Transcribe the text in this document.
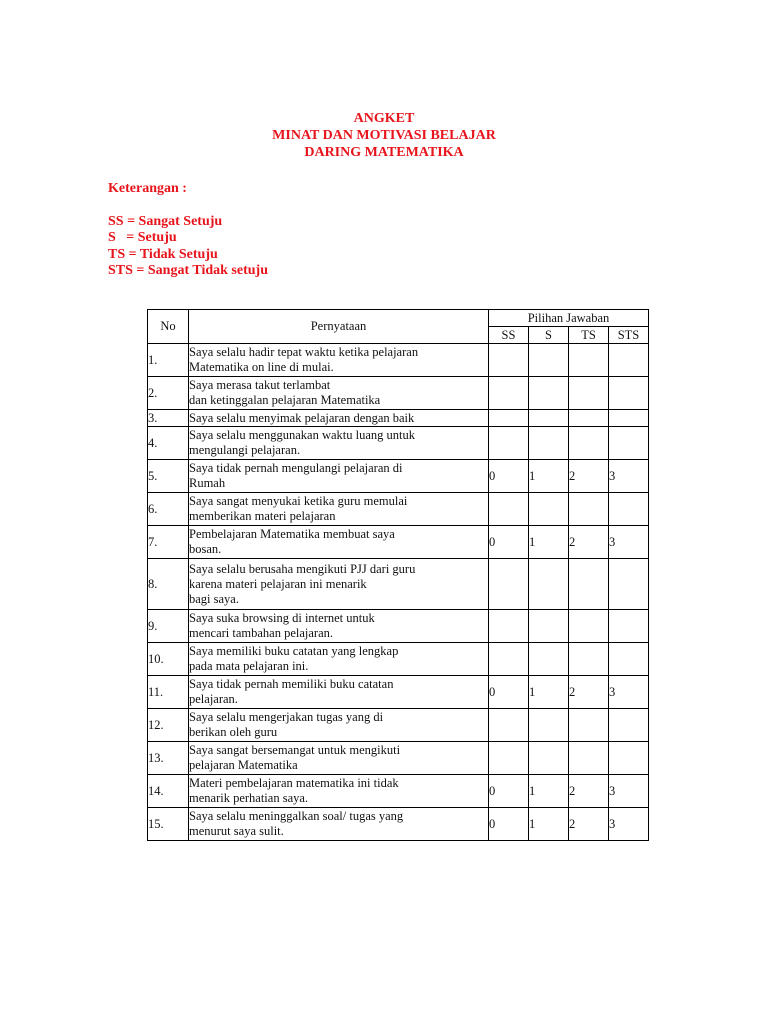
ANGKET
MINAT DAN MOTIVASI BELAJAR
DARING MATEMATIKA
Keterangan :
SS = Sangat Setuju
S   = Setuju
TS = Tidak Setuju
STS = Sangat Tidak setuju
No	Pernyataan	Pilihan Jawaban			
		SS	S	TS	STS
1.	Saya selalu hadir tepat waktu ketika pelajaran
Matematika on line di mulai.				

2.	Saya merasa takut terlambat
dan ketinggalan pelajaran Matematika				

3.	Saya selalu menyimak pelajaran dengan baik				

4.	Saya selalu menggunakan waktu luang untuk
mengulangi pelajaran.				

5.	Saya tidak pernah mengulangi pelajaran di
Rumah	0	1	2	3
6.	Saya sangat menyukai ketika guru memulai
memberikan materi pelajaran				

7.	Pembelajaran Matematika membuat saya
bosan.	0	1	2	3
8.	Saya selalu berusaha mengikuti PJJ dari guru
karena materi pelajaran ini menarik
bagi saya.				

9.	Saya suka browsing di internet untuk
mencari tambahan pelajaran.				

10.	Saya memiliki buku catatan yang lengkap
pada mata pelajaran ini.				

11.	Saya tidak pernah memiliki buku catatan
pelajaran.	0	1	2	3
12.	Saya selalu mengerjakan tugas yang di
berikan oleh guru				

13.	Saya sangat bersemangat untuk mengikuti
pelajaran Matematika				

14.	Materi pembelajaran matematika ini tidak
menarik perhatian saya.	0	1	2	3
15.	Saya selalu meninggalkan soal/ tugas yang
menurut saya sulit.	0	1	2	3
